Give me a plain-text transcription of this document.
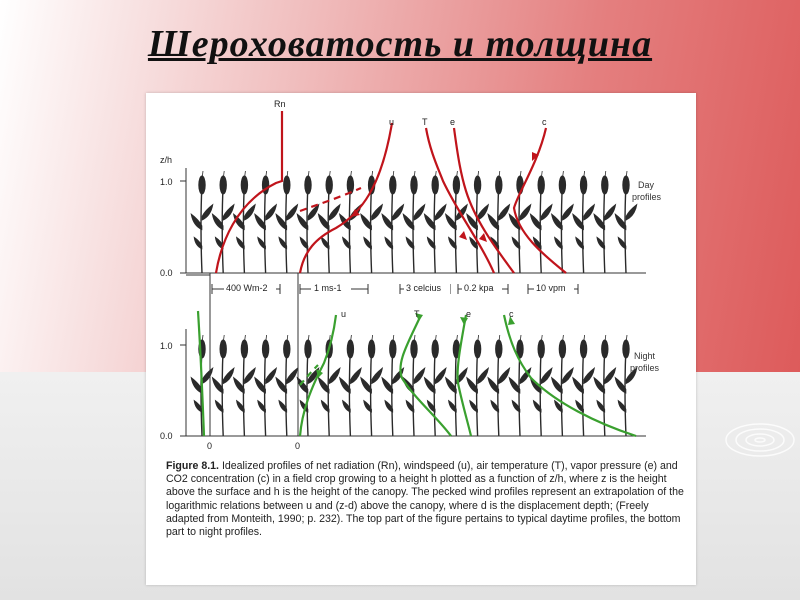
Шероховатость и толщина
z/h
1.0
0.0
1.0
0.0
Day
profiles
Night
profiles
400 Wm-2	1 ms-1	3 celcius	0.2 kpa	10 vpm
0	0
Rn
u	T	e	c
u	T	e	c
Figure 8.1. Idealized profiles of net radiation (Rn), windspeed (u), air temperature (T), vapor pressure (e) and CO2 concentration (c) in a field crop growing to a height h plotted as a function of z/h, where z is the height above the surface and h is the height of the canopy. The pecked wind profiles represent an extrapolation of the logarithmic relations between u and (z-d) above the canopy, where d is the displacement depth; (Freely adapted from Monteith, 1990; p. 232). The top part of the figure pertains to typical daytime profiles, the bottom part to night profiles.
